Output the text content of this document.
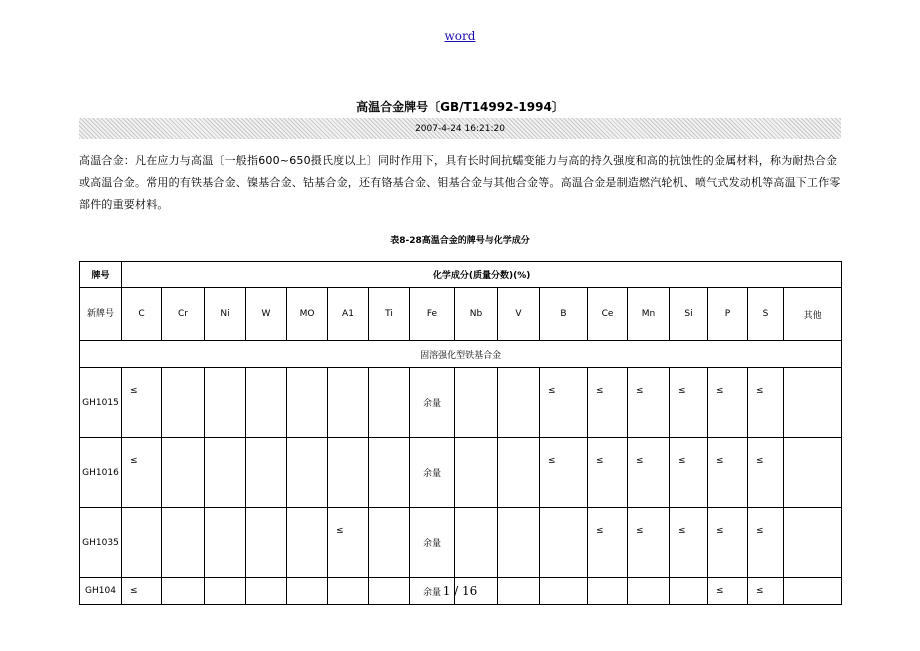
word
高温合金牌号〔GB/T14992-1994〕
2007-4-24 16:21:20
高温合金：凡在应力与高温〔一般指600~650摄氏度以上〕同时作用下，具有长时间抗蠕变能力与高的持久强度和高的抗蚀性的金属材料，称为耐热合金或高温合金。常用的有铁基合金、镍基合金、钴基合金，还有铬基合金、钼基合金与其他合金等。高温合金是制造燃汽轮机、喷气式发动机等高温下工作零部件的重要材料。
表8-28高温合金的牌号与化学成分
牌号	化学成分(质量分数)(%)																
新牌号	C	Cr	Ni	W	MO	A1	Ti	Fe	Nb	V	B	Ce	Mn	Si	P	S	其他
固溶强化型铁基合金																	
GH1015	≤							余量			≤	≤	≤	≤	≤	≤	
GH1016	≤							余量			≤	≤	≤	≤	≤	≤	
GH1035						≤		余量				≤	≤	≤	≤	≤	
GH104	≤							余量							≤	≤	
1 / 16
